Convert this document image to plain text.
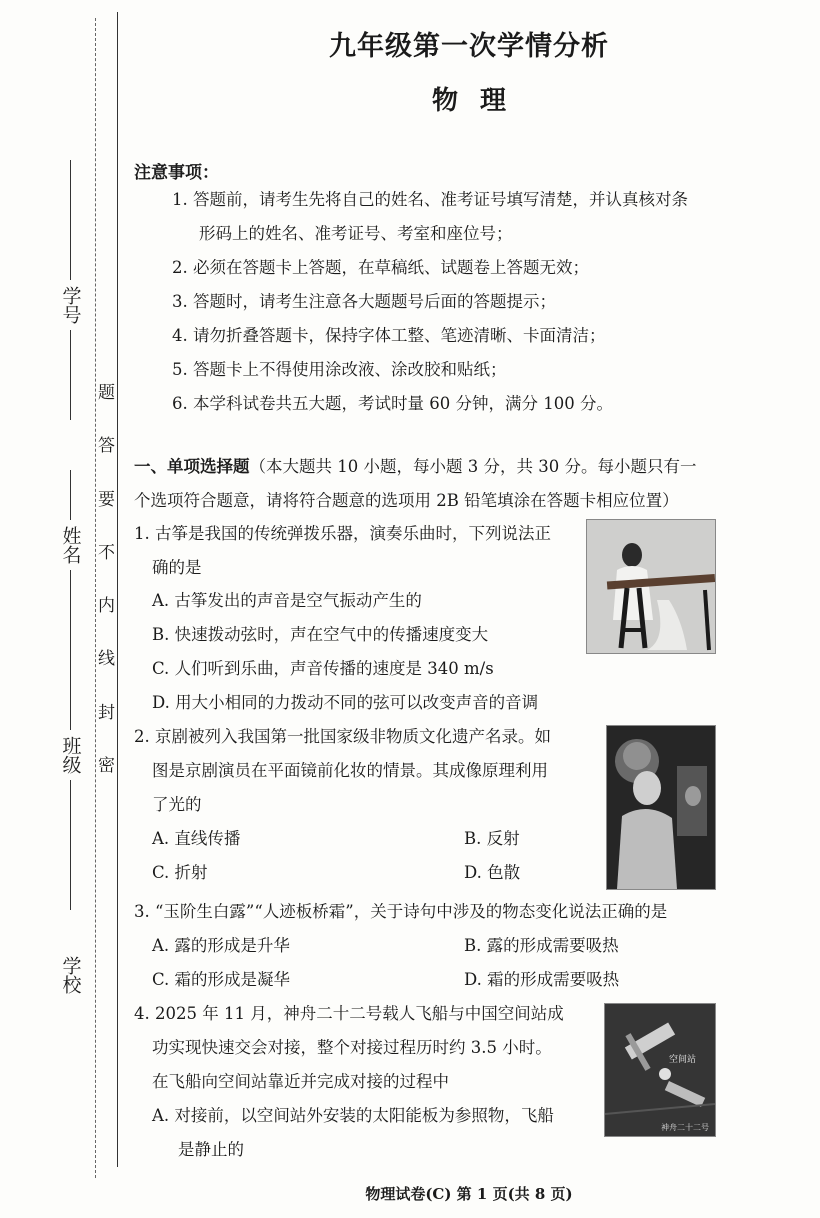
学号
姓名
班级
学校
题
答
要
不
内
线
封
密
九年级第一次学情分析
物理
注意事项：
1. 答题前，请考生先将自己的姓名、准考证号填写清楚，并认真核对条
形码上的姓名、准考证号、考室和座位号；
2. 必须在答题卡上答题，在草稿纸、试题卷上答题无效；
3. 答题时，请考生注意各大题题号后面的答题提示；
4. 请勿折叠答题卡，保持字体工整、笔迹清晰、卡面清洁；
5. 答题卡上不得使用涂改液、涂改胶和贴纸；
6. 本学科试卷共五大题，考试时量 60 分钟，满分 100 分。
一、单项选择题（本大题共 10 小题，每小题 3 分，共 30 分。每小题只有一
个选项符合题意，请将符合题意的选项用 2B 铅笔填涂在答题卡相应位置）
1. 古筝是我国的传统弹拨乐器，演奏乐曲时，下列说法正
确的是
A. 古筝发出的声音是空气振动产生的
B. 快速拨动弦时，声在空气中的传播速度变大
C. 人们听到乐曲，声音传播的速度是 340 m/s
D. 用大小相同的力拨动不同的弦可以改变声音的音调
2. 京剧被列入我国第一批国家级非物质文化遗产名录。如
图是京剧演员在平面镜前化妆的情景。其成像原理利用
了光的
A. 直线传播	B. 反射
C. 折射	D. 色散
3. “玉阶生白露”“人迹板桥霜”，关于诗句中涉及的物态变化说法正确的是
A. 露的形成是升华	B. 露的形成需要吸热
C. 霜的形成是凝华	D. 霜的形成需要吸热
4. 2025 年 11 月，神舟二十二号载人飞船与中国空间站成
功实现快速交会对接，整个对接过程历时约 3.5 小时。
在飞船向空间站靠近并完成对接的过程中
A. 对接前，以空间站外安装的太阳能板为参照物，飞船
是静止的
空间站
神舟二十二号
物理试卷(C) 第 1 页(共 8 页)
